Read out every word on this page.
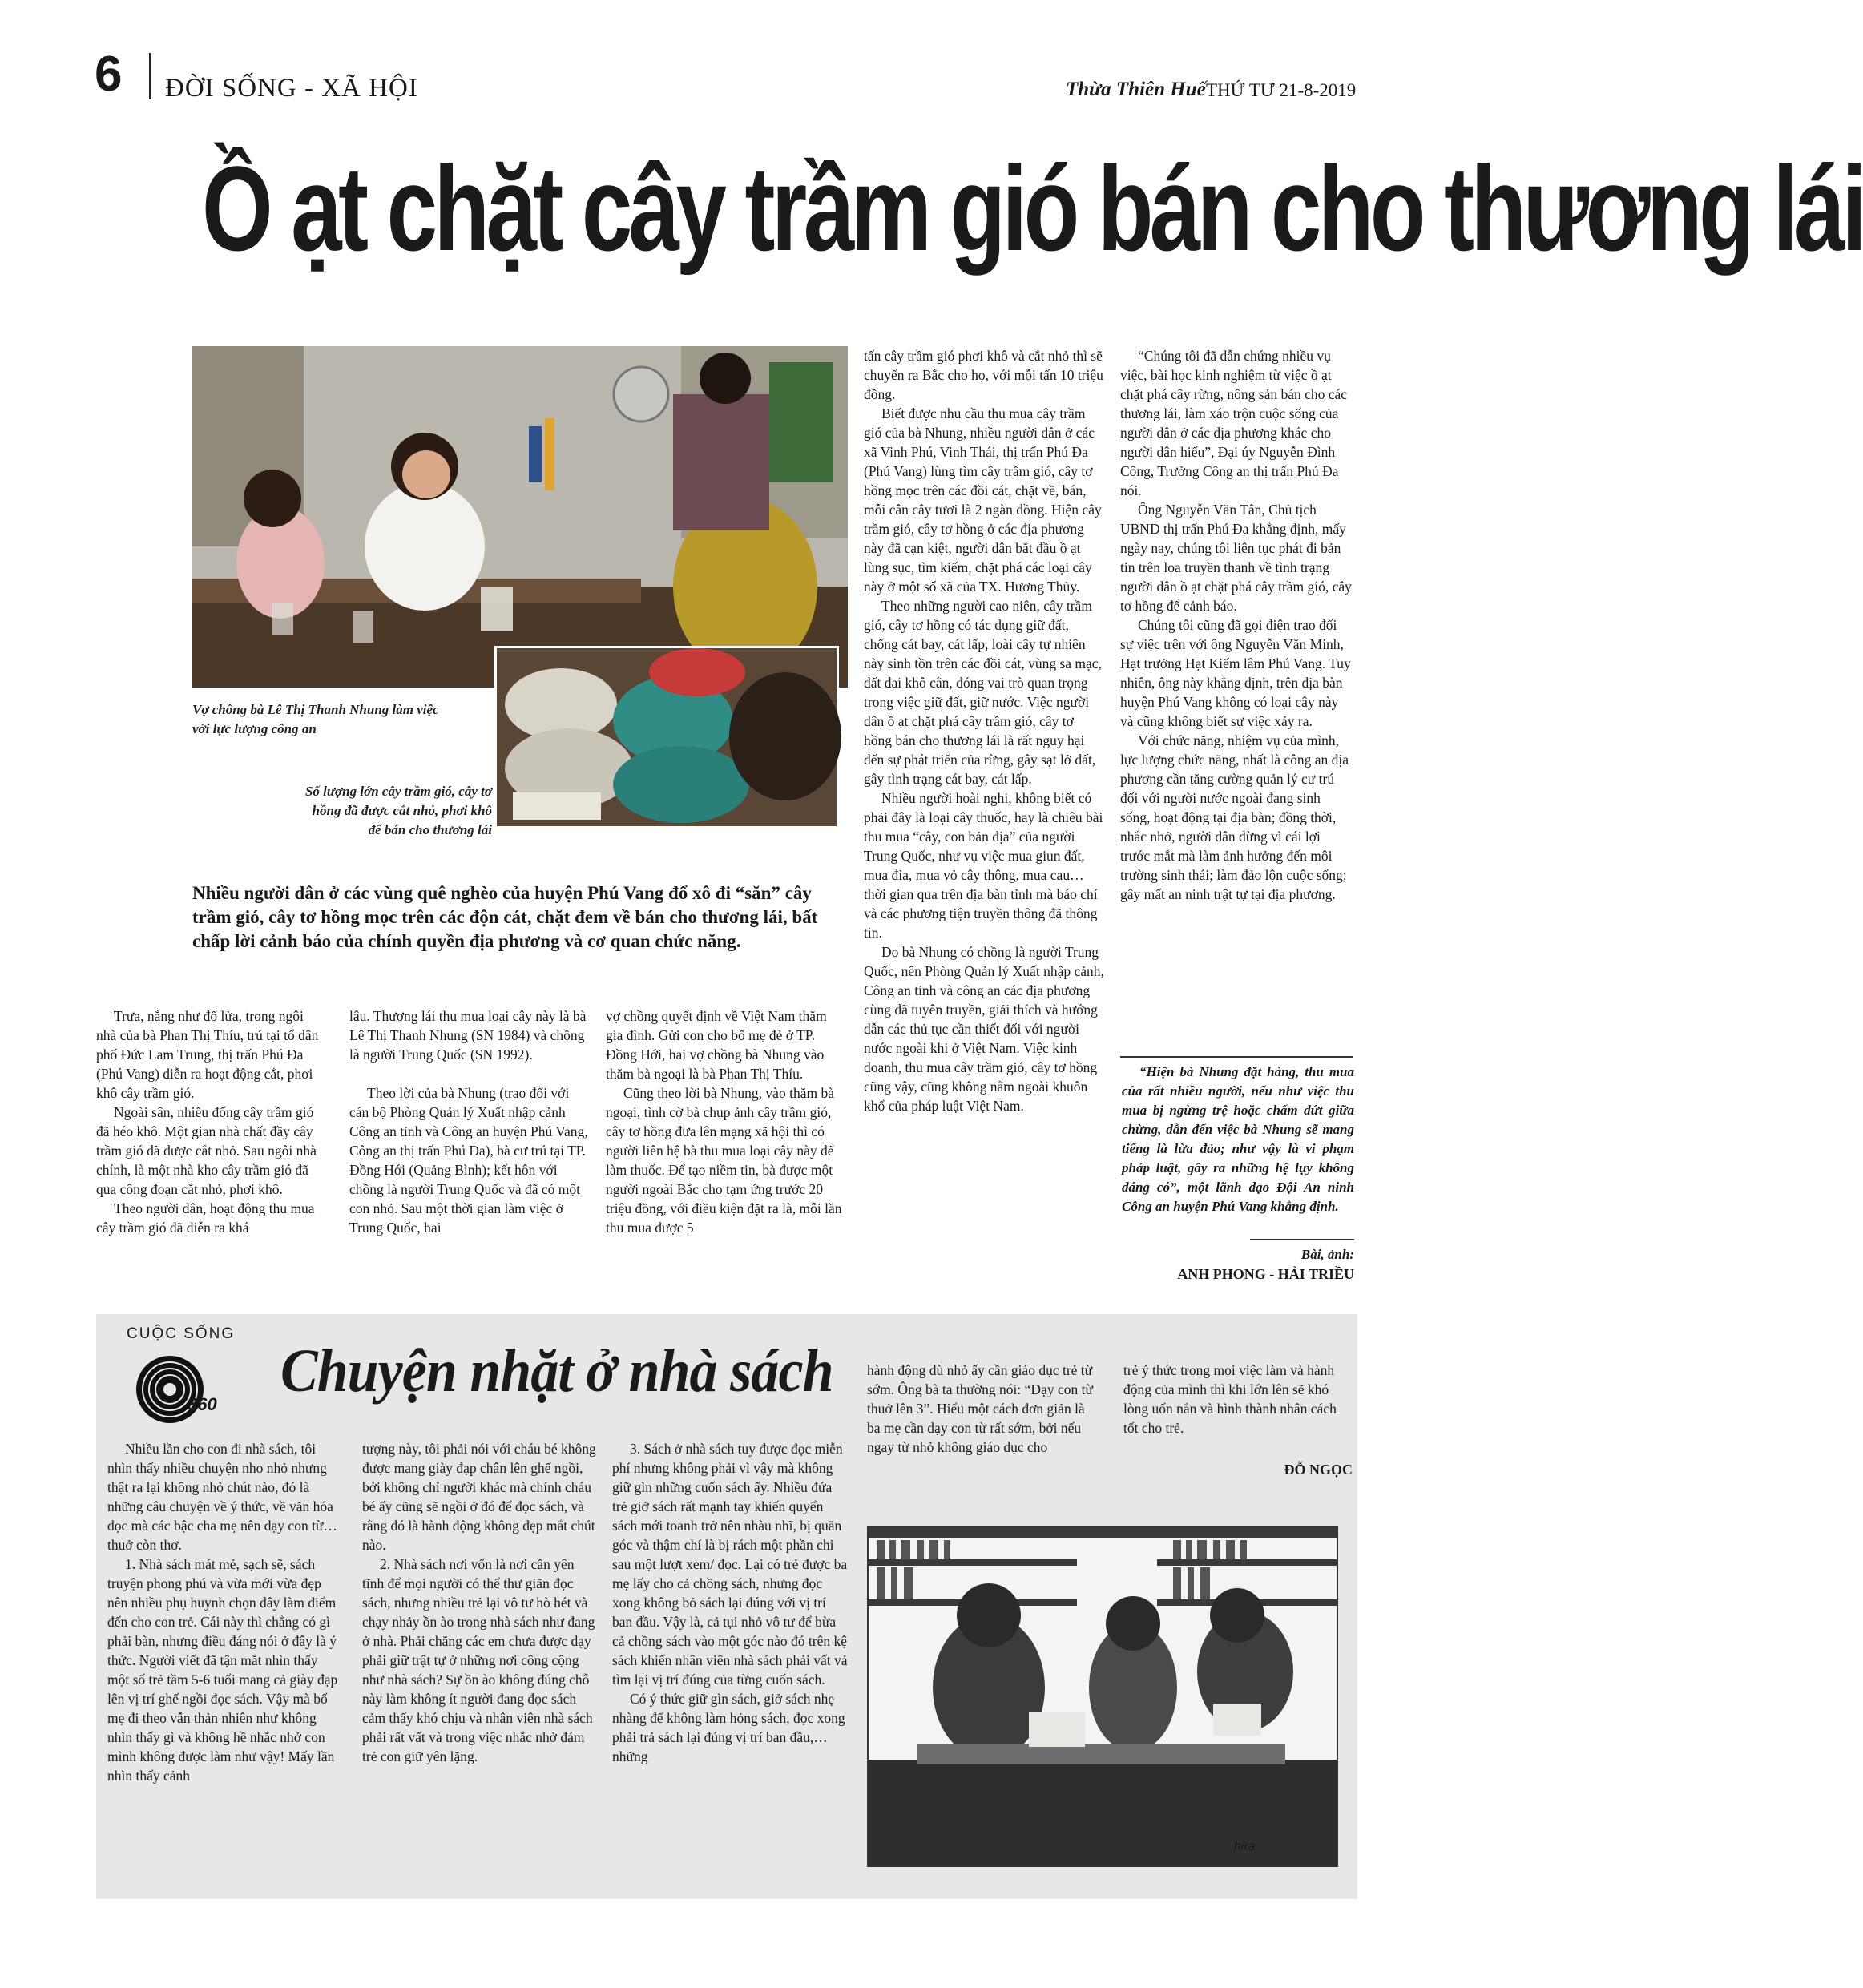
6 ĐỜI SỐNG - XÃ HỘI	Thừa Thiên Huế THỨ TƯ 21-8-2019
Ồ ạt chặt cây trầm gió bán cho thương lái
Vợ chồng bà Lê Thị Thanh Nhung làm việc với lực lượng công an
Số lượng lớn cây trầm gió, cây tơ hồng đã được cắt nhỏ, phơi khô để bán cho thương lái
Nhiều người dân ở các vùng quê nghèo của huyện Phú Vang đổ xô đi “săn” cây trầm gió, cây tơ hồng mọc trên các độn cát, chặt đem về bán cho thương lái, bất chấp lời cảnh báo của chính quyền địa phương và cơ quan chức năng.

Trưa, nắng như đổ lửa, trong ngôi nhà của bà Phan Thị Thíu, trú tại tổ dân phố Đức Lam Trung, thị trấn Phú Đa (Phú Vang) diễn ra hoạt động cắt, phơi khô cây trầm gió.

Ngoài sân, nhiều đống cây trầm gió đã héo khô. Một gian nhà chất đầy cây trầm gió đã được cắt nhỏ. Sau ngôi nhà chính, là một nhà kho cây trầm gió đã qua công đoạn cắt nhỏ, phơi khô.

Theo người dân, hoạt động thu mua cây trầm gió đã diễn ra khá

lâu. Thương lái thu mua loại cây này là bà Lê Thị Thanh Nhung (SN 1984) và chồng là người Trung Quốc (SN 1992).

Theo lời của bà Nhung (trao đổi với cán bộ Phòng Quản lý Xuất nhập cảnh Công an tỉnh và Công an huyện Phú Vang, Công an thị trấn Phú Đa), bà cư trú tại TP. Đồng Hới (Quảng Bình); kết hôn với chồng là người Trung Quốc và đã có một con nhỏ. Sau một thời gian làm việc ở Trung Quốc, hai

vợ chồng quyết định về Việt Nam thăm gia đình. Gửi con cho bố mẹ đẻ ở TP. Đồng Hới, hai vợ chồng bà Nhung vào thăm bà ngoại là bà Phan Thị Thíu.

Cũng theo lời bà Nhung, vào thăm bà ngoại, tình cờ bà chụp ảnh cây trầm gió, cây tơ hồng đưa lên mạng xã hội thì có người liên hệ bà thu mua loại cây này để làm thuốc. Để tạo niềm tin, bà được một người ngoài Bắc cho tạm ứng trước 20 triệu đồng, với điều kiện đặt ra là, mỗi lần thu mua được 5

tấn cây trầm gió phơi khô và cắt nhỏ thì sẽ chuyển ra Bắc cho họ, với mỗi tấn 10 triệu đồng.

Biết được nhu cầu thu mua cây trầm gió của bà Nhung, nhiều người dân ở các xã Vinh Phú, Vinh Thái, thị trấn Phú Đa (Phú Vang) lùng tìm cây trầm gió, cây tơ hồng mọc trên các đồi cát, chặt về, bán, mỗi cân cây tươi là 2 ngàn đồng. Hiện cây trầm gió, cây tơ hồng ở các địa phương này đã cạn kiệt, người dân bắt đầu ồ ạt lùng sục, tìm kiếm, chặt phá các loại cây này ở một số xã của TX. Hương Thủy.

Theo những người cao niên, cây trầm gió, cây tơ hồng có tác dụng giữ đất, chống cát bay, cát lấp, loài cây tự nhiên này sinh tồn trên các đồi cát, vùng sa mạc, đất đai khô cằn, đóng vai trò quan trọng trong việc giữ đất, giữ nước. Việc người dân ồ ạt chặt phá cây trầm gió, cây tơ hồng bán cho thương lái là rất nguy hại đến sự phát triển của rừng, gây sạt lở đất, gây tình trạng cát bay, cát lấp.

Nhiều người hoài nghi, không biết có phải đây là loại cây thuốc, hay là chiêu bài thu mua “cây, con bản địa” của người Trung Quốc, như vụ việc mua giun đất, mua đỉa, mua vỏ cây thông, mua cau… thời gian qua trên địa bàn tỉnh mà báo chí và các phương tiện truyền thông đã thông tin.

Do bà Nhung có chồng là người Trung Quốc, nên Phòng Quản lý Xuất nhập cảnh, Công an tỉnh và công an các địa phương cùng đã tuyên truyền, giải thích và hướng dẫn các thủ tục cần thiết đối với người nước ngoài khi ở Việt Nam. Việc kinh doanh, thu mua cây trầm gió, cây tơ hồng cũng vậy, cũng không nằm ngoài khuôn khổ của pháp luật Việt Nam.

“Chúng tôi đã dẫn chứng nhiều vụ việc, bài học kinh nghiệm từ việc ồ ạt chặt phá cây rừng, nông sản bán cho các thương lái, làm xáo trộn cuộc sống của người dân ở các địa phương khác cho người dân hiểu”, Đại úy Nguyễn Đình Công, Trưởng Công an thị trấn Phú Đa nói.

Ông Nguyễn Văn Tân, Chủ tịch UBND thị trấn Phú Đa khẳng định, mấy ngày nay, chúng tôi liên tục phát đi bản tin trên loa truyền thanh về tình trạng người dân ồ ạt chặt phá cây trầm gió, cây tơ hồng để cảnh báo.

Chúng tôi cũng đã gọi điện trao đổi sự việc trên với ông Nguyễn Văn Minh, Hạt trưởng Hạt Kiểm lâm Phú Vang. Tuy nhiên, ông này khẳng định, trên địa bàn huyện Phú Vang không có loại cây này và cũng không biết sự việc xảy ra.

Với chức năng, nhiệm vụ của mình, lực lượng chức năng, nhất là công an địa phương cần tăng cường quản lý cư trú đối với người nước ngoài đang sinh sống, hoạt động tại địa bàn; đồng thời, nhắc nhở, người dân đừng vì cái lợi trước mắt mà làm ảnh hưởng đến môi trường sinh thái; làm đảo lộn cuộc sống; gây mất an ninh trật tự tại địa phương.

“Hiện bà Nhung đặt hàng, thu mua của rất nhiều người, nếu như việc thu mua bị ngừng trệ hoặc chấm dứt giữa chừng, dẫn đến việc bà Nhung sẽ mang tiếng là lừa đảo; như vậy là vi phạm pháp luật, gây ra những hệ lụy không đáng có”, một lãnh đạo Đội An ninh Công an huyện Phú Vang khẳng định.
Bài, ảnh:
ANH PHONG - HẢI TRIỀU
CUỘC SỐNG
360 Chuyện nhặt ở nhà sách

Nhiều lần cho con đi nhà sách, tôi nhìn thấy nhiều chuyện nho nhỏ nhưng thật ra lại không nhỏ chút nào, đó là những câu chuyện về ý thức, về văn hóa đọc mà các bậc cha mẹ nên dạy con từ… thuở còn thơ.

1. Nhà sách mát mẻ, sạch sẽ, sách truyện phong phú và vừa mới vừa đẹp nên nhiều phụ huynh chọn đây làm điểm đến cho con trẻ. Cái này thì chẳng có gì phải bàn, nhưng điều đáng nói ở đây là ý thức. Người viết đã tận mắt nhìn thấy một số trẻ tầm 5-6 tuổi mang cả giày đạp lên vị trí ghế ngồi đọc sách. Vậy mà bố mẹ đi theo vẫn thản nhiên như không nhìn thấy gì và không hề nhắc nhở con mình không được làm như vậy! Mấy lần nhìn thấy cảnh

tượng này, tôi phải nói với cháu bé không được mang giày đạp chân lên ghế ngồi, bởi không chỉ người khác mà chính cháu bé ấy cũng sẽ ngồi ở đó để đọc sách, và rằng đó là hành động không đẹp mắt chút nào.

2. Nhà sách nơi vốn là nơi cần yên tĩnh để mọi người có thể thư giãn đọc sách, nhưng nhiều trẻ lại vô tư hò hét và chạy nhảy ồn ào trong nhà sách như đang ở nhà. Phải chăng các em chưa được dạy phải giữ trật tự ở những nơi công cộng như nhà sách? Sự ồn ào không đúng chỗ này làm không ít người đang đọc sách cảm thấy khó chịu và nhân viên nhà sách phải rất vất và trong việc nhắc nhở đám trẻ con giữ yên lặng.

3. Sách ở nhà sách tuy được đọc miễn phí nhưng không phải vì vậy mà không giữ gìn những cuốn sách ấy. Nhiều đứa trẻ giở sách rất mạnh tay khiến quyển sách mới toanh trở nên nhàu nhĩ, bị quăn góc và thậm chí là bị rách một phần chỉ sau một lượt xem/ đọc. Lại có trẻ được ba mẹ lấy cho cả chồng sách, nhưng đọc xong không bỏ sách lại đúng với vị trí ban đầu. Vậy là, cả tụi nhỏ vô tư để bừa cả chồng sách vào một góc nào đó trên kệ sách khiến nhân viên nhà sách phải vất vả tìm lại vị trí đúng của từng cuốn sách.

Có ý thức giữ gìn sách, giở sách nhẹ nhàng để không làm hỏng sách, đọc xong phải trả sách lại đúng vị trí ban đầu,… những

hành động dù nhỏ ấy cần giáo dục trẻ từ sớm. Ông bà ta thường nói: “Dạy con từ thuở lên 3”. Hiểu một cách đơn giản là ba mẹ cần dạy con từ rất sớm, bởi nếu ngay từ nhỏ không giáo dục cho

trẻ ý thức trong mọi việc làm và hành động của mình thì khi lớn lên sẽ khó lòng uốn nắn và hình thành nhân cách tốt cho trẻ.

ĐỖ NGỌC
hira
